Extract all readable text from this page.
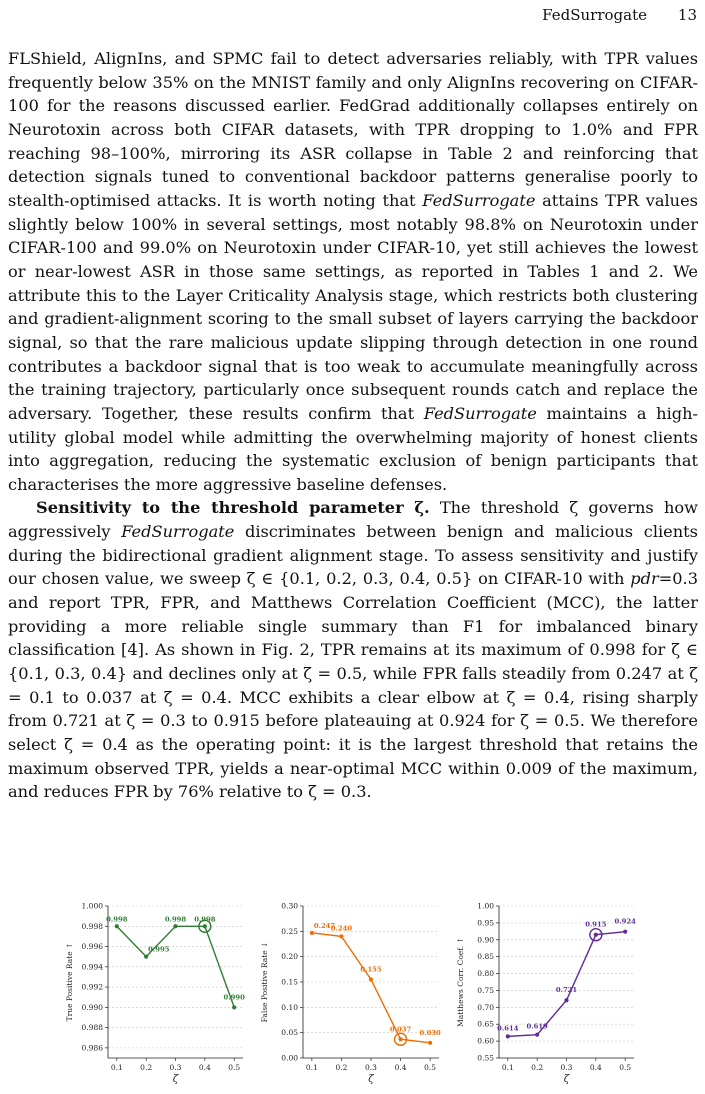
FedSurrogate 13

FLShield, AlignIns, and SPMC fail to detect adversaries reliably, with TPR values frequently below 35% on the MNIST family and only AlignIns recovering on CIFAR-100 for the reasons discussed earlier. FedGrad additionally collapses entirely on Neurotoxin across both CIFAR datasets, with TPR dropping to 1.0% and FPR reaching 98–100%, mirroring its ASR collapse in Table 2 and reinforcing that detection signals tuned to conventional backdoor patterns generalise poorly to stealth-optimised attacks. It is worth noting that FedSurrogate attains TPR values slightly below 100% in several settings, most notably 98.8% on Neurotoxin under CIFAR-100 and 99.0% on Neurotoxin under CIFAR-10, yet still achieves the lowest or near-lowest ASR in those same settings, as reported in Tables 1 and 2. We attribute this to the Layer Criticality Analysis stage, which restricts both clustering and gradient-alignment scoring to the small subset of layers carrying the backdoor signal, so that the rare malicious update slipping through detection in one round contributes a backdoor signal that is too weak to accumulate meaningfully across the training trajectory, particularly once subsequent rounds catch and replace the adversary. Together, these results confirm that FedSurrogate maintains a high-utility global model while admitting the overwhelming majority of honest clients into aggregation, reducing the systematic exclusion of benign participants that characterises the more aggressive baseline defenses.

Sensitivity to the threshold parameter ζ. The threshold ζ governs how aggressively FedSurrogate discriminates between benign and malicious clients during the bidirectional gradient alignment stage. To assess sensitivity and justify our chosen value, we sweep ζ ∈ {0.1, 0.2, 0.3, 0.4, 0.5} on CIFAR-10 with pdr=0.3 and report TPR, FPR, and Matthews Correlation Coefficient (MCC), the latter providing a more reliable single summary than F1 for imbalanced binary classification [4]. As shown in Fig. 2, TPR remains at its maximum of 0.998 for ζ ∈ {0.1, 0.3, 0.4} and declines only at ζ = 0.5, while FPR falls steadily from 0.247 at ζ = 0.1 to 0.037 at ζ = 0.4. MCC exhibits a clear elbow at ζ = 0.4, rising sharply from 0.721 at ζ = 0.3 to 0.915 before plateauing at 0.924 for ζ = 0.5. We therefore select ζ = 0.4 as the operating point: it is the largest threshold that retains the maximum observed TPR, yields a near-optimal MCC within 0.009 of the maximum, and reduces FPR by 76% relative to ζ = 0.3.

0.986
0.988
0.990
0.992
0.994
0.996
0.998
1.000
0.1 0.2 0.3 0.4 0.5
ζ
True Positive Rate ↑
0.998
0.995
0.998 0.998
0.990
0.00
0.05
0.10
0.15
0.20
0.25
0.30
0.1 0.2 0.3 0.4 0.5
ζ
False Positive Rate ↓
0.247
0.240
0.155
0.037 0.030
0.55
0.60
0.65
0.70
0.75
0.80
0.85
0.90
0.95
1.00
0.1 0.2 0.3 0.4 0.5
ζ
Matthews Corr. Coef. ↑
0.614 0.619
0.721
0.915 0.924
